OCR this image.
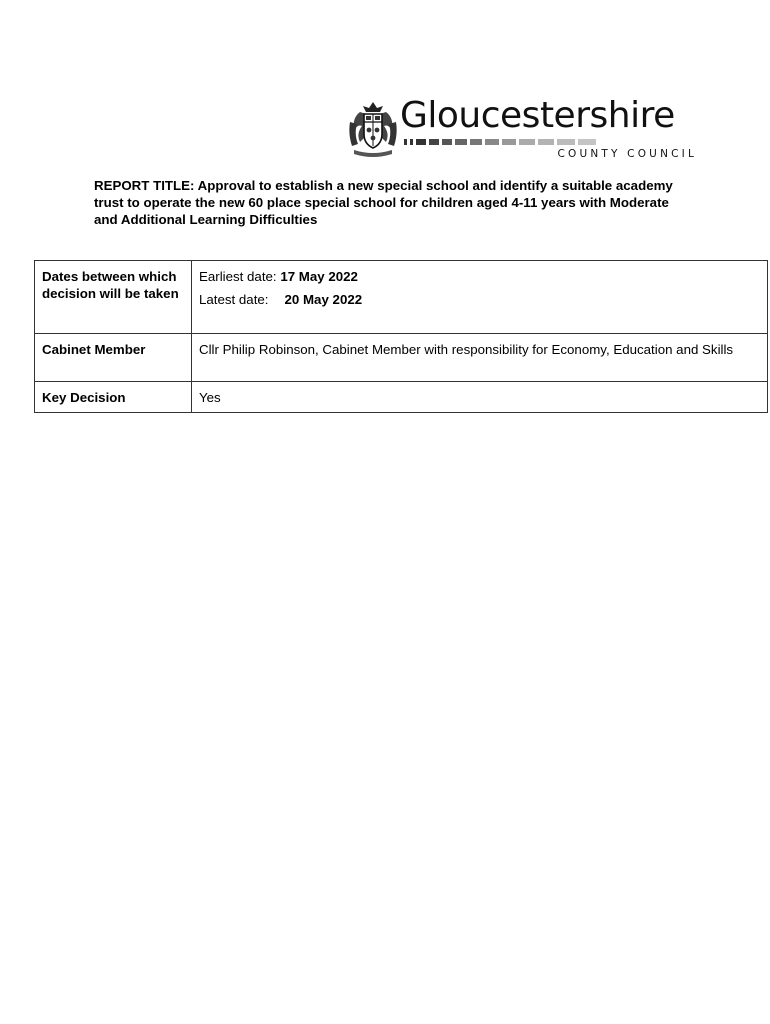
Gloucestershire
COUNTY COUNCIL

REPORT TITLE: Approval to establish a new special school and identify a suitable academy trust to operate the new 60 place special school for children aged 4-11 years with Moderate and Additional Learning Difficulties

Dates between which decision will be taken	Earliest date: 17 May 2022
Latest date: 20 May 2022

Cabinet Member	Cllr Philip Robinson, Cabinet Member with responsibility for Economy, Education and Skills
Key Decision	Yes
